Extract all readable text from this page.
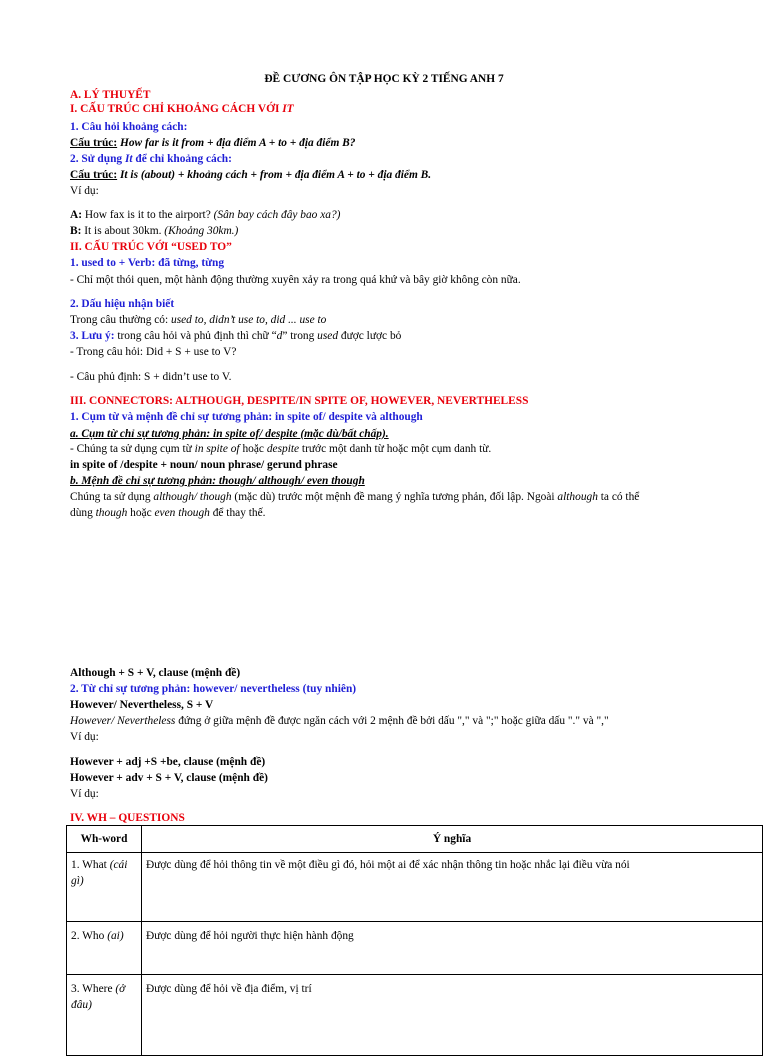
ĐỀ CƯƠNG ÔN TẬP HỌC KỲ 2 TIẾNG ANH 7
A. LÝ THUYẾT
I. CẤU TRÚC CHỈ KHOẢNG CÁCH VỚI IT
1. Câu hỏi khoảng cách:
Cấu trúc: How far is it from + địa điểm A + to + địa điểm B?
2. Sử dụng It để chỉ khoảng cách:
Cấu trúc: It is (about) + khoảng cách + from + địa điểm A + to + địa điểm B.
Ví dụ:
A: How fax is it to the airport? (Sân bay cách đây bao xa?)
B: It is about 30km. (Khoảng 30km.)
II. CẤU TRÚC VỚI “USED TO”
1. used to + Verb: đã từng, từng
- Chỉ một thói quen, một hành động thường xuyên xảy ra trong quá khứ và bây giờ không còn nữa.
2. Dấu hiệu nhận biết
Trong câu thường có: used to, didn’t use to, did ... use to
3. Lưu ý: trong câu hỏi và phủ định thì chữ “d” trong used được lược bỏ
- Trong câu hỏi: Did + S + use to V?
- Câu phủ định: S + didn’t use to V.
III. CONNECTORS: ALTHOUGH, DESPITE/IN SPITE OF, HOWEVER, NEVERTHELESS
1. Cụm từ và mệnh đề chỉ sự tương phản: in spite of/ despite và although
a. Cụm từ chỉ sự tương phản: in spite of/ despite (mặc dù/bất chấp).
- Chúng ta sử dụng cụm từ in spite of hoặc despite trước một danh từ hoặc một cụm danh từ.
in spite of /despite + noun/ noun phrase/ gerund phrase
b. Mệnh đề chỉ sự tương phản: though/ although/ even though
Chúng ta sử dụng although/ though (mặc dù) trước một mệnh đề mang ý nghĩa tương phản, đối lập. Ngoài although ta có thể
dùng though hoặc even though để thay thế.
Although + S + V, clause (mệnh đề)
2. Từ chỉ sự tương phản: however/ nevertheless (tuy nhiên)
However/ Nevertheless, S + V
However/ Nevertheless đứng ở giữa mệnh đề được ngăn cách với 2 mệnh đề bởi dấu "," và ";" hoặc giữa dấu "." và ","
Ví dụ:
However + adj +S +be, clause (mệnh đề)
However + adv + S + V, clause (mệnh đề)
Ví dụ:
IV. WH – QUESTIONS
Wh-word	Ý nghĩa
1. What (cái gì)	Được dùng để hỏi thông tin về một điều gì đó, hỏi một ai để xác nhận thông tin hoặc nhắc lại điều vừa nói
2. Who (ai)	Được dùng để hỏi người thực hiện hành động
3. Where (ở đâu)	Được dùng để hỏi về địa điểm, vị trí
